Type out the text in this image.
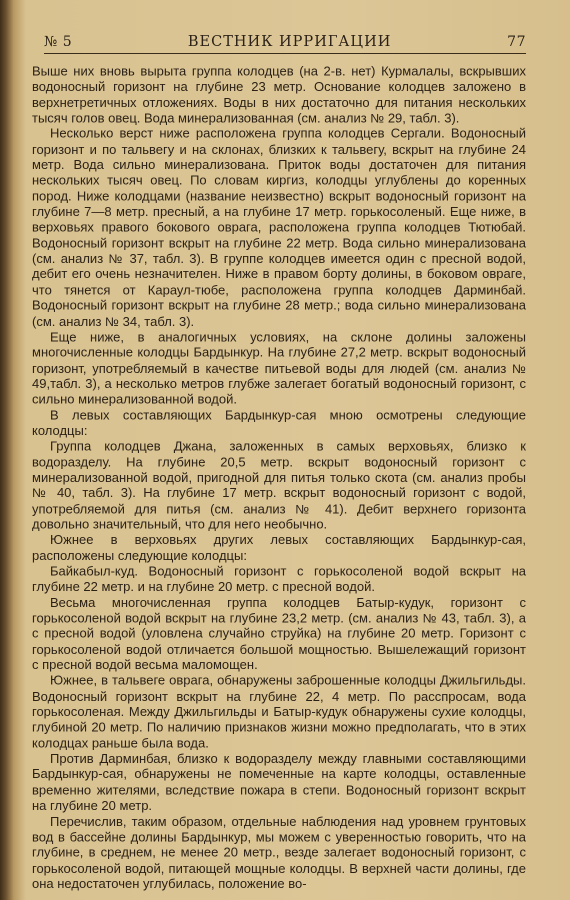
№ 5	ВЕСТНИК ИРРИГАЦИИ	77

Выше них вновь вырыта группа колодцев (на 2-в. нет) Курмалалы, вскрывших водоносный горизонт на глубине 23 метр. Основание колодцев заложено в верхнетретичных отложениях. Воды в них достаточно для питания нескольких тысяч голов овец. Вода минерализованная (см. анализ № 29, табл. 3).

Несколько верст ниже расположена группа колодцев Сергали. Водоносный горизонт и по тальвегу и на склонах, близких к тальвегу, вскрыт на глубине 24 метр. Вода сильно минерализована. Приток воды достаточен для питания нескольких тысяч овец. По словам киргиз, колодцы углублены до коренных пород. Ниже колодцами (название неизвестно) вскрыт водоносный горизонт на глубине 7—8 метр. пресный, а на глубине 17 метр. горькосоленый. Еще ниже, в верховьях правого бокового оврага, расположена группа колодцев Тютюбай. Водоносный горизонт вскрыт на глубине 22 метр. Вода сильно минерализована (см. анализ № 37, табл. 3). В группе колодцев имеется один с пресной водой, дебит его очень незначителен. Ниже в правом борту долины, в боковом овраге, что тянется от Караул-тюбе, расположена группа колодцев Дарминбай. Водоносный горизонт вскрыт на глубине 28 метр.; вода сильно минерализована (см. анализ № 34, табл. 3).

Еще ниже, в аналогичных условиях, на склоне долины заложены многочисленные колодцы Бардынкур. На глубине 27,2 метр. вскрыт водоносный горизонт, употребляемый в качестве питьевой воды для людей (см. анализ № 49,табл. 3), а несколько метров глубже залегает богатый водоносный горизонт, с сильно минерализованной водой.

В левых составляющих Бардынкур-сая мною осмотрены следующие колодцы:

Группа колодцев Джана, заложенных в самых верховьях, близко к водоразделу. На глубине 20,5 метр. вскрыт водоносный горизонт с минерализованной водой, пригодной для питья только скота (см. анализ пробы № 40, табл. 3). На глубине 17 метр. вскрыт водоносный горизонт с водой, употребляемой для питья (см. анализ № 41). Дебит верхнего горизонта довольно значительный, что для него необычно.

Южнее в верховьях других левых составляющих Бардынкур-сая, расположены следующие колодцы:

Байкабыл-куд. Водоносный горизонт с горькосоленой водой вскрыт на глубине 22 метр. и на глубине 20 метр. с пресной водой.

Весьма многочисленная группа колодцев Батыр-кудук, горизонт с горькосоленой водой вскрыт на глубине 23,2 метр. (см. анализ № 43, табл. 3), а с пресной водой (уловлена случайно струйка) на глубине 20 метр. Горизонт с горькосоленой водой отличается большой мощностью. Вышележащий горизонт с пресной водой весьма маломощен.

Южнее, в тальвеге оврага, обнаружены заброшенные колодцы Джильгильды. Водоносный горизонт вскрыт на глубине 22, 4 метр. По расспросам, вода горькосоленая. Между Джильгильды и Батыр-кудук обнаружены сухие колодцы, глубиной 20 метр. По наличию признаков жизни можно предполагать, что в этих колодцах раньше была вода.

Против Дарминбая, близко к водоразделу между главными составляющими Бардынкур-сая, обнаружены не помеченные на карте колодцы, оставленные временно жителями, вследствие пожара в степи. Водоносный горизонт вскрыт на глубине 20 метр.

Перечислив, таким образом, отдельные наблюдения над уровнем грунтовых вод в бассейне долины Бардынкур, мы можем с уверенностью говорить, что на глубине, в среднем, не менее 20 метр., везде залегает водоносный горизонт, с горькосоленой водой, питающей мощные колодцы. В верхней части долины, где она недостаточен углубилась, положение во-
